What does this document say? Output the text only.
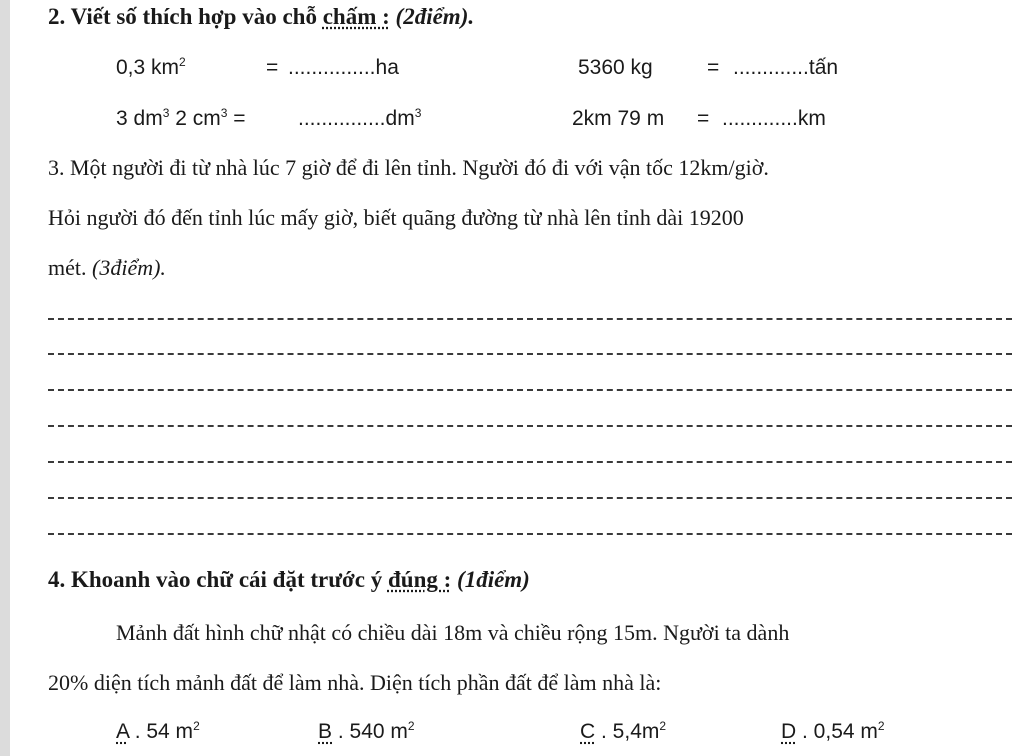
2. Viết số thích hợp vào chỗ chấm : (2điểm).
0,3 $km^2$	= ...............ha	5360 kg	= .............tấn
3 $dm^3$ 2 $cm^3 = ...............dm^3$	2km 79 m = .............km
3. Một người đi từ nhà lúc 7 giờ để đi lên tỉnh. Người đó đi với vận tốc 12km/giờ.
Hỏi người đó đến tỉnh lúc mấy giờ, biết quãng đường từ nhà lên tỉnh dài 19200
mét. (3điểm).
4. Khoanh vào chữ cái đặt trước ý đúng : (1điểm)
Mảnh đất hình chữ nhật có chiều dài 18m và chiều rộng 15m. Người ta dành
20% diện tích mảnh đất để làm nhà. Diện tích phần đất để làm nhà là:
A . 54 $m^2$	B . 540 $m^2$	C . $5,4m^2$	D . 0,54 $m^2$
